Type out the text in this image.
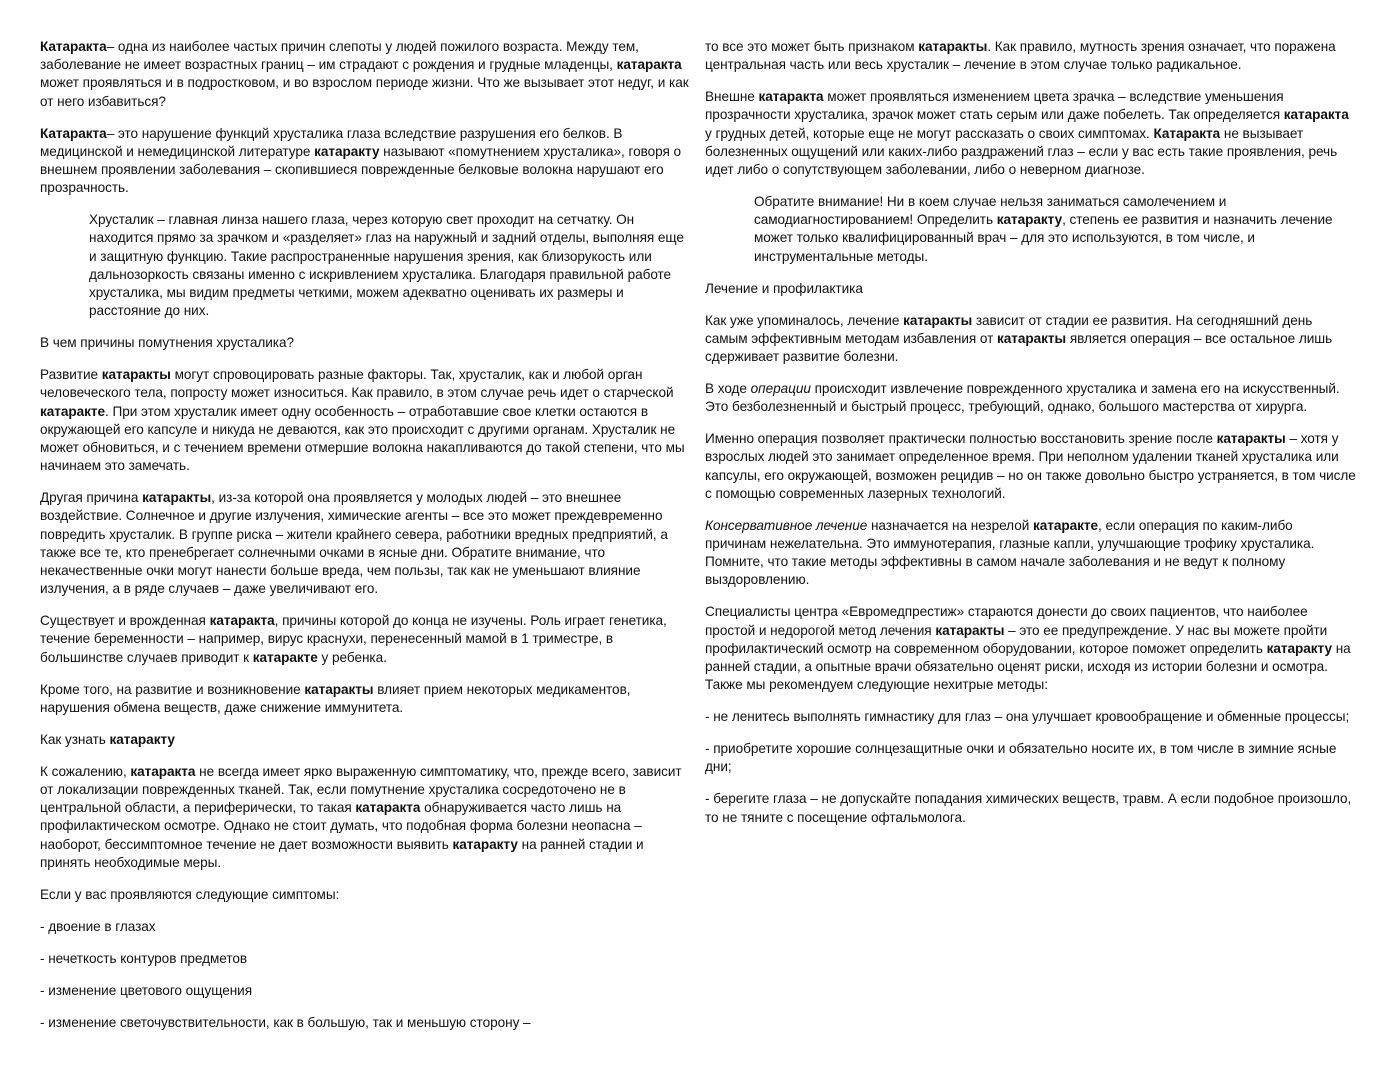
Катаракта– одна из наиболее частых причин слепоты у людей пожилого возраста. Между тем, заболевание не имеет возрастных границ – им страдают с рождения и грудные младенцы, катаракта может проявляться и в подростковом, и во взрослом периоде жизни. Что же вызывает этот недуг, и как от него избавиться?

Катаракта– это нарушение функций хрусталика глаза вследствие разрушения его белков. В медицинской и немедицинской литературе катаракту называют «помутнением хрусталика», говоря о внешнем проявлении заболевания – скопившиеся поврежденные белковые волокна нарушают его прозрачность.

Хрусталик – главная линза нашего глаза, через которую свет проходит на сетчатку. Он находится прямо за зрачком и «разделяет» глаз на наружный и задний отделы, выполняя еще и защитную функцию. Такие распространенные нарушения зрения, как близорукость или дальнозоркость связаны именно с искривлением хрусталика. Благодаря правильной работе хрусталика, мы видим предметы четкими, можем адекватно оценивать их размеры и расстояние до них.

В чем причины помутнения хрусталика?

Развитие катаракты могут спровоцировать разные факторы. Так, хрусталик, как и любой орган человеческого тела, попросту может износиться. Как правило, в этом случае речь идет о старческой катаракте. При этом хрусталик имеет одну особенность – отработавшие свое клетки остаются в окружающей его капсуле и никуда не деваются, как это происходит с другими органам. Хрусталик не может обновиться, и с течением времени отмершие волокна накапливаются до такой степени, что мы начинаем это замечать.

Другая причина катаракты, из-за которой она проявляется у молодых людей – это внешнее воздействие. Солнечное и другие излучения, химические агенты – все это может преждевременно повредить хрусталик. В группе риска – жители крайнего севера, работники вредных предприятий, а также все те, кто пренебрегает солнечными очками в ясные дни. Обратите внимание, что некачественные очки могут нанести больше вреда, чем пользы, так как не уменьшают влияние излучения, а в ряде случаев – даже увеличивают его.

Существует и врожденная катаракта, причины которой до конца не изучены. Роль играет генетика, течение беременности – например, вирус краснухи, перенесенный мамой в 1 триместре, в большинстве случаев приводит к катаракте у ребенка.

Кроме того, на развитие и возникновение катаракты влияет прием некоторых медикаментов, нарушения обмена веществ, даже снижение иммунитета.

Как узнать катаракту

К сожалению, катаракта не всегда имеет ярко выраженную симптоматику, что, прежде всего, зависит от локализации поврежденных тканей. Так, если помутнение хрусталика сосредоточено не в центральной области, а периферически, то такая катаракта обнаруживается часто лишь на профилактическом осмотре. Однако не стоит думать, что подобная форма болезни неопасна – наоборот, бессимптомное течение не дает возможности выявить катаракту на ранней стадии и принять необходимые меры.

Если у вас проявляются следующие симптомы:

- двоение в глазах

- нечеткость контуров предметов

- изменение цветового ощущения

- изменение светочувствительности, как в большую, так и меньшую сторону –

то все это может быть признаком катаракты. Как правило, мутность зрения означает, что поражена центральная часть или весь хрусталик – лечение в этом случае только радикальное.

Внешне катаракта может проявляться изменением цвета зрачка – вследствие уменьшения прозрачности хрусталика, зрачок может стать серым или даже побелеть. Так определяется катаракта у грудных детей, которые еще не могут рассказать о своих симптомах. Катаракта не вызывает болезненных ощущений или каких-либо раздражений глаз – если у вас есть такие проявления, речь идет либо о сопутствующем заболевании, либо о неверном диагнозе.

Обратите внимание! Ни в коем случае нельзя заниматься самолечением и самодиагностированием! Определить катаракту, степень ее развития и назначить лечение может только квалифицированный врач – для это используются, в том числе, и инструментальные методы.

Лечение и профилактика

Как уже упоминалось, лечение катаракты зависит от стадии ее развития. На сегодняшний день самым эффективным методам избавления от катаракты является операция – все остальное лишь сдерживает развитие болезни.

В ходе операции происходит извлечение поврежденного хрусталика и замена его на искусственный. Это безболезненный и быстрый процесс, требующий, однако, большого мастерства от хирурга.

Именно операция позволяет практически полностью восстановить зрение после катаракты – хотя у взрослых людей это занимает определенное время. При неполном удалении тканей хрусталика или капсулы, его окружающей, возможен рецидив – но он также довольно быстро устраняется, в том числе с помощью современных лазерных технологий.

Консервативное лечение назначается на незрелой катаракте, если операция по каким-либо причинам нежелательна. Это иммунотерапия, глазные капли, улучшающие трофику хрусталика. Помните, что такие методы эффективны в самом начале заболевания и не ведут к полному выздоровлению.

Специалисты центра «Евромедпрестиж» стараются донести до своих пациентов, что наиболее простой и недорогой метод лечения катаракты – это ее предупреждение. У нас вы можете пройти профилактический осмотр на современном оборудовании, которое поможет определить катаракту на ранней стадии, а опытные врачи обязательно оценят риски, исходя из истории болезни и осмотра. Также мы рекомендуем следующие нехитрые методы:

- не ленитесь выполнять гимнастику для глаз – она улучшает кровообращение и обменные процессы;

- приобретите хорошие солнцезащитные очки и обязательно носите их, в том числе в зимние ясные дни;

- берегите глаза – не допускайте попадания химических веществ, травм. А если подобное произошло, то не тяните с посещение офтальмолога.
